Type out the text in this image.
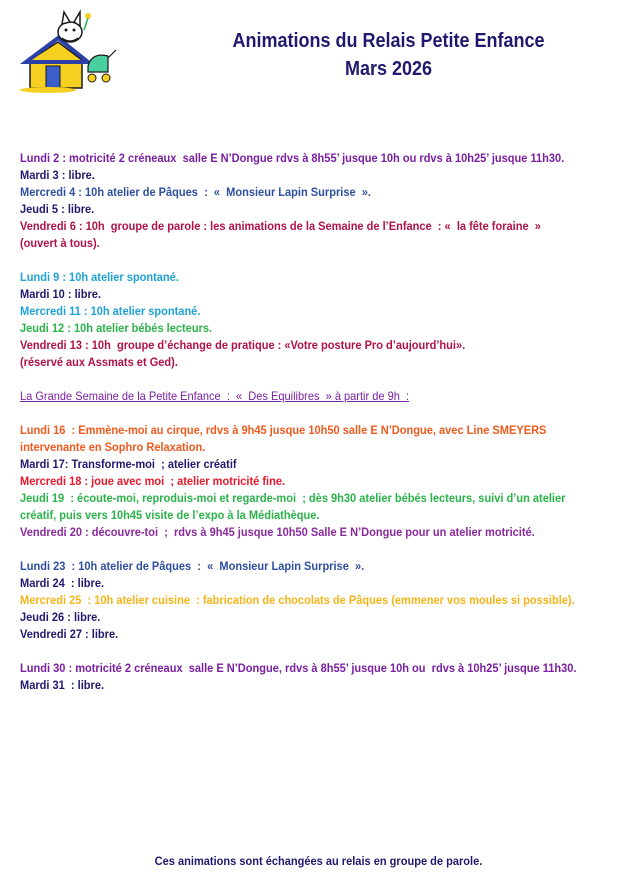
Animations du Relais Petite Enfance
Mars 2026
Lundi 2 : motricité 2 créneaux  salle E N’Dongue rdvs à 8h55’ jusque 10h ou rdvs à 10h25’ jusque 11h30.
Mardi 3 : libre.
Mercredi 4 : 10h atelier de Pâques  :  «  Monsieur Lapin Surprise  ».
Jeudi 5 : libre.
Vendredi 6 : 10h  groupe de parole : les animations de la Semaine de l’Enfance  : «  la fête foraine  »
(ouvert à tous).
Lundi 9 : 10h atelier spontané.
Mardi 10 : libre.
Mercredi 11 : 10h atelier spontané.
Jeudi 12 : 10h atelier bébés lecteurs.
Vendredi 13 : 10h  groupe d’échange de pratique : «Votre posture Pro d’aujourd’hui».
(réservé aux Assmats et Ged).
La Grande Semaine de la Petite Enfance  :  «  Des Equilibres  » à partir de 9h  :
Lundi 16  : Emmène-moi au cirque, rdvs à 9h45 jusque 10h50 salle E N’Dongue, avec Line SMEYERS
intervenante en Sophro Relaxation.
Mardi 17: Transforme-moi  ; atelier créatif
Mercredi 18 : joue avec moi  ; atelier motricité fine.
Jeudi 19  : écoute-moi, reproduis-moi et regarde-moi  ; dès 9h30 atelier bébés lecteurs, suivi d’un atelier
créatif, puis vers 10h45 visite de l’expo à la Médiathèque.
Vendredi 20 : découvre-toi  ;  rdvs à 9h45 jusque 10h50 Salle E N’Dongue pour un atelier motricité.
Lundi 23  : 10h atelier de Pâques  :  «  Monsieur Lapin Surprise  ».
Mardi 24  : libre.
Mercredi 25  : 10h atelier cuisine  : fabrication de chocolats de Pâques (emmener vos moules si possible).
Jeudi 26 : libre.
Vendredi 27 : libre.
Lundi 30 : motricité 2 créneaux  salle E N’Dongue, rdvs à 8h55’ jusque 10h ou  rdvs à 10h25’ jusque 11h30.
Mardi 31  : libre.
Ces animations sont échangées au relais en groupe de parole.
